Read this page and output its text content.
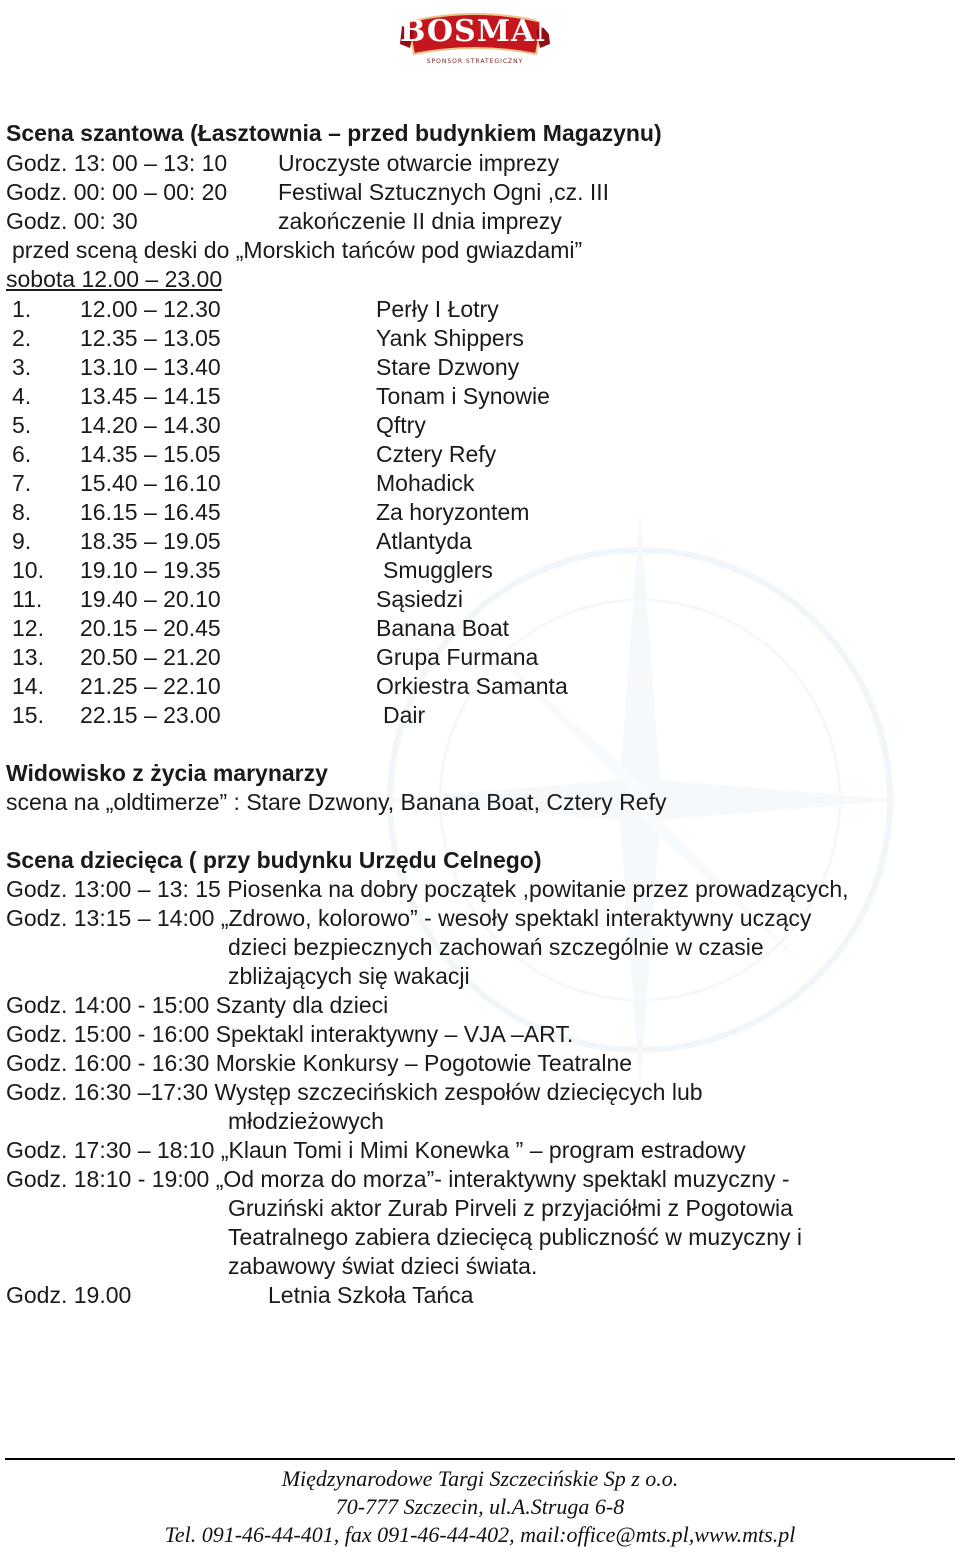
BOSMAN
SPONSOR STRATEGICZNY
Scena szantowa (Łasztownia – przed budynkiem Magazynu)
Godz. 13: 00 – 13: 10 Uroczyste otwarcie imprezy
Godz. 00: 00 – 00: 20 Festiwal Sztucznych Ogni ,cz. III
Godz. 00: 30	zakończenie II dnia imprezy
przed sceną deski do „Morskich tańców pod gwiazdami”
sobota 12.00 – 23.00
1. 12.00 – 12.30	Perły I Łotry
2. 12.35 – 13.05	Yank Shippers
3. 13.10 – 13.40	Stare Dzwony
4. 13.45 – 14.15	Tonam i Synowie
5. 14.20 – 14.30	Qftry
6. 14.35 – 15.05	Cztery Refy
7. 15.40 – 16.10	Mohadick
8. 16.15 – 16.45	Za horyzontem
9. 18.35 – 19.05	Atlantyda
10. 19.10 – 19.35	Smugglers
11. 19.40 – 20.10	Sąsiedzi
12. 20.15 – 20.45	Banana Boat
13. 20.50 – 21.20	Grupa Furmana
14. 21.25 – 22.10	Orkiestra Samanta
15. 22.15 – 23.00	Dair
Widowisko z życia marynarzy
scena na „oldtimerze” : Stare Dzwony, Banana Boat, Cztery Refy
Scena dziecięca ( przy budynku Urzędu Celnego)
Godz. 13:00 – 13: 15 Piosenka na dobry początek ,powitanie przez prowadzących,
Godz. 13:15 – 14:00 „Zdrowo, kolorowo” - wesoły spektakl interaktywny uczący
dzieci bezpiecznych zachowań szczególnie w czasie
zbliżających się wakacji
Godz. 14:00 - 15:00 Szanty dla dzieci
Godz. 15:00 - 16:00 Spektakl interaktywny – VJA –ART.
Godz. 16:00 - 16:30 Morskie Konkursy – Pogotowie Teatralne
Godz. 16:30 –17:30 Występ szczecińskich zespołów dziecięcych lub
młodzieżowych
Godz. 17:30 – 18:10 „Klaun Tomi i Mimi Konewka ” – program estradowy
Godz. 18:10 - 19:00 „Od morza do morza”- interaktywny spektakl muzyczny -
Gruziński aktor Zurab Pirveli z przyjaciółmi z Pogotowia
Teatralnego zabiera dziecięcą publiczność w muzyczny i
zabawowy świat dzieci świata.
Godz. 19.00	Letnia Szkoła Tańca
Międzynarodowe Targi Szczecińskie Sp z o.o.
70-777 Szczecin, ul.A.Struga 6-8
Tel. 091-46-44-401, fax 091-46-44-402, mail:office@mts.pl,www.mts.pl
